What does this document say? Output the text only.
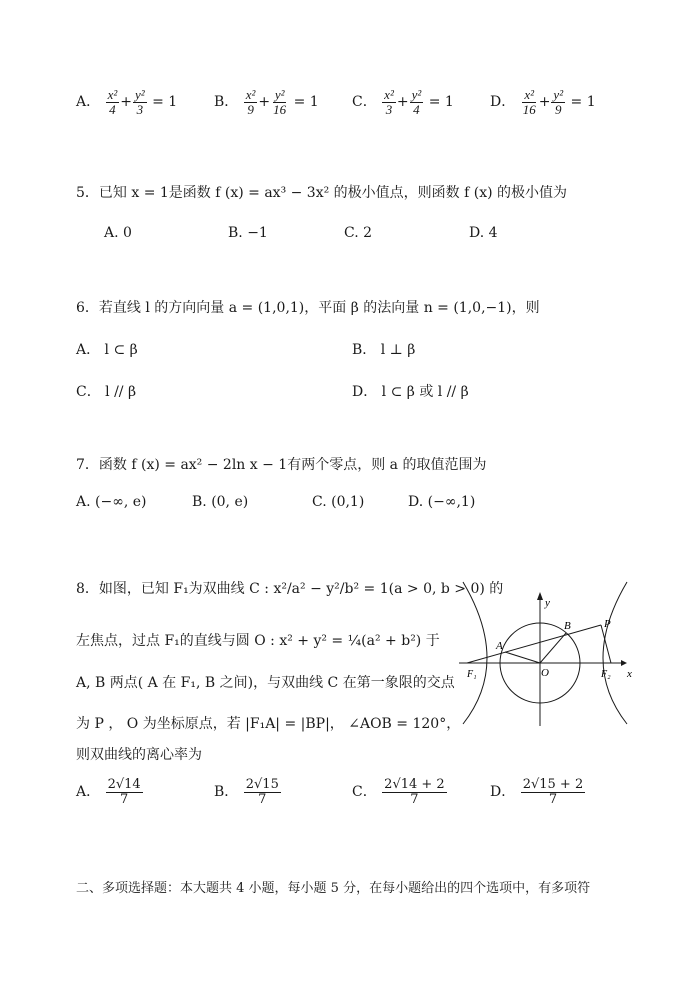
A． $\frac{\text{x²}}{4} + \frac{\text{y²}}{3} = 1$	B． $\frac{\text{x²}}{9} + \frac{\text{y²}}{16} = 1$ C． $\frac{\text{x²}}{3} + \frac{\text{y²}}{4} = 1$	D． $\frac{\text{x²}}{16} + \frac{\text{y²}}{9} = 1$
5．已知 x = 1是函数 f (x) = ax³ − 3x² 的极小值点，则函数 f (x) 的极小值为
A. 0	B. −1	C. 2	D. 4
6．若直线 l 的方向向量 a = (1,0,1)，平面 β 的法向量 n = (1,0,−1)，则
A． l ⊂ β	B． l ⊥ β
C． l // β	D． l ⊂ β 或 l // β
7．函数 f (x) = ax² − 2ln x − 1有两个零点，则 a 的取值范围为
A. (−∞, e)	B. (0, e)	C. (0,1)	D. (−∞,1)
8．如图，已知 F₁为双曲线 C : x²/a² − y²/b² = 1(a > 0, b > 0) 的
左焦点，过点 F₁的直线与圆 O : x² + y² = ¼(a² + b²) 于
A, B 两点( A 在 F₁, B 之间)，与双曲线 C 在第一象限的交点
为 P ， O 为坐标原点，若 |F₁A| = |BP|， ∠AOB = 120°，
则双曲线的离心率为
A． $\frac{2√14}{7}$	B． $\frac{2√15}{7}$	C． $\frac{2√14 + 2}{7}$	D． $\frac{2√15 + 2}{7}$
y
x
O
A
B	P
F₁	F₂
二、多项选择题：本大题共 4 小题，每小题 5 分，在每小题给出的四个选项中，有多项符
